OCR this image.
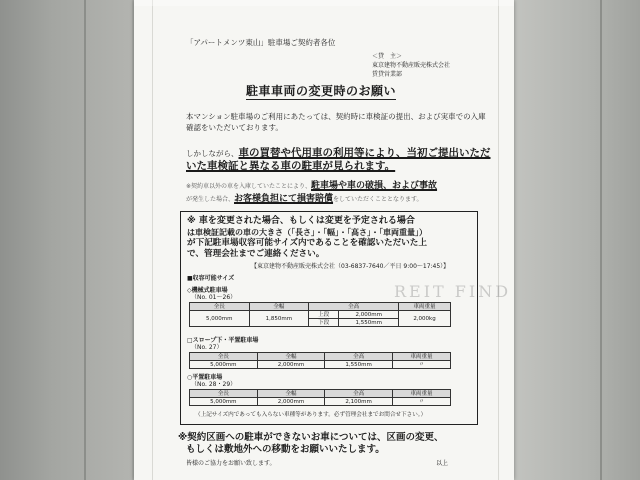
「アパートメンツ東山」駐車場ご契約者各位
＜貸　主＞
東京建物不動産販売株式会社
賃貸営業部
駐車車両の変更時のお願い
本マンション駐車場のご利用にあたっては、契約時に車検証の提出、および実車での入庫
確認をいただいております。
しかしながら、車の買替や代用車の利用等により、当初ご提出いただ
いた車検証と異なる車の駐車が見られます。
※契約車以外の車を入庫していたことにより、駐車場や車の破損、および事故
が発生した場合、お客様負担にて損害賠償をしていただくこととなります。
※ 車を変更された場合、もしくは変更を予定される場合
は車検証記載の車の大きさ（「長さ」・「幅」・「高さ」・「車両重量」）
が下記駐車場収容可能サイズ内であることを確認いただいた上
で、管理会社までご連絡ください。
【東京建物不動産販売株式会社（03-6837-7640／平日 9:00～17:45）】
■収容可能サイズ
◇機械式駐車場
（No. 01～26）
全長	全幅	全高		車両重量
5,000mm	1,850mm	上段	2,000mm	2,000kg
		下段	1,550mm	
□スロープ下・平置駐車場
（No. 27）
全長	全幅	全高	車両重量
5,000mm	2,000mm	1,550mm	〃
○平置駐車場
（No. 28・29）
全長	全幅	全高	車両重量
5,000mm	2,000mm	2,100mm	〃
（上記サイズ内であっても入らない車種等があります。必ず管理会社までお問合せ下さい。）
REIT FIND
※契約区画への駐車ができないお車については、区画の変更、
もしくは敷地外への移動をお願いいたします。
皆様のご協力をお願い致します。	以上
